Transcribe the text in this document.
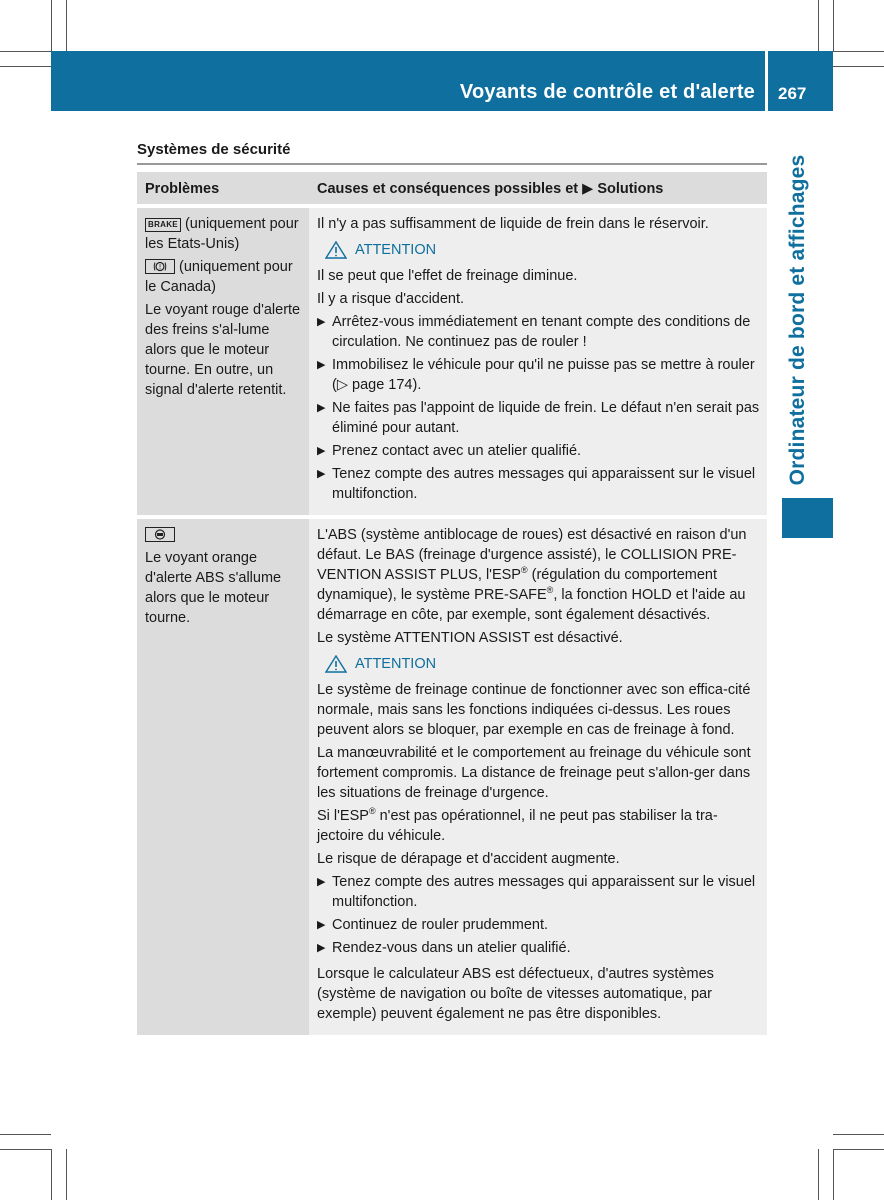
Voyants de contrôle et d'alerte 267
Ordinateur de bord et affichages
Systèmes de sécurité
Problèmes	Causes et conséquences possibles et ▶ Solutions
BRAKE (uniquement pour les Etats-Unis)
! (uniquement pour le Canada)
Le voyant rouge d'alerte des freins s'al-lume alors que le moteur tourne. En outre, un signal d'alerte retentit.
Il n'y a pas suffisamment de liquide de frein dans le réservoir.
ATTENTION
Il se peut que l'effet de freinage diminue.
Il y a risque d'accident.
▶ Arrêtez-vous immédiatement en tenant compte des conditions de circulation. Ne continuez pas de rouler !
▶ Immobilisez le véhicule pour qu'il ne puisse pas se mettre à rouler (▷ page 174).
▶ Ne faites pas l'appoint de liquide de frein. Le défaut n'en serait pas éliminé pour autant.
▶ Prenez contact avec un atelier qualifié.
▶ Tenez compte des autres messages qui apparaissent sur le visuel multifonction.
Le voyant orange d'alerte ABS s'allume alors que le moteur tourne.
L'ABS (système antiblocage de roues) est désactivé en raison d'un défaut. Le BAS (freinage d'urgence assisté), le COLLISION PRE-VENTION ASSIST PLUS, l'ESP® (régulation du comportement dynamique), le système PRE-SAFE®, la fonction HOLD et l'aide au démarrage en côte, par exemple, sont également désactivés.
Le système ATTENTION ASSIST est désactivé.
ATTENTION
Le système de freinage continue de fonctionner avec son effica-cité normale, mais sans les fonctions indiquées ci-dessus. Les roues peuvent alors se bloquer, par exemple en cas de freinage à fond.
La manœuvrabilité et le comportement au freinage du véhicule sont fortement compromis. La distance de freinage peut s'allon-ger dans les situations de freinage d'urgence.
Si l'ESP® n'est pas opérationnel, il ne peut pas stabiliser la tra-jectoire du véhicule.
Le risque de dérapage et d'accident augmente.
▶ Tenez compte des autres messages qui apparaissent sur le visuel multifonction.
▶ Continuez de rouler prudemment.
▶ Rendez-vous dans un atelier qualifié.
Lorsque le calculateur ABS est défectueux, d'autres systèmes (système de navigation ou boîte de vitesses automatique, par exemple) peuvent également ne pas être disponibles.
